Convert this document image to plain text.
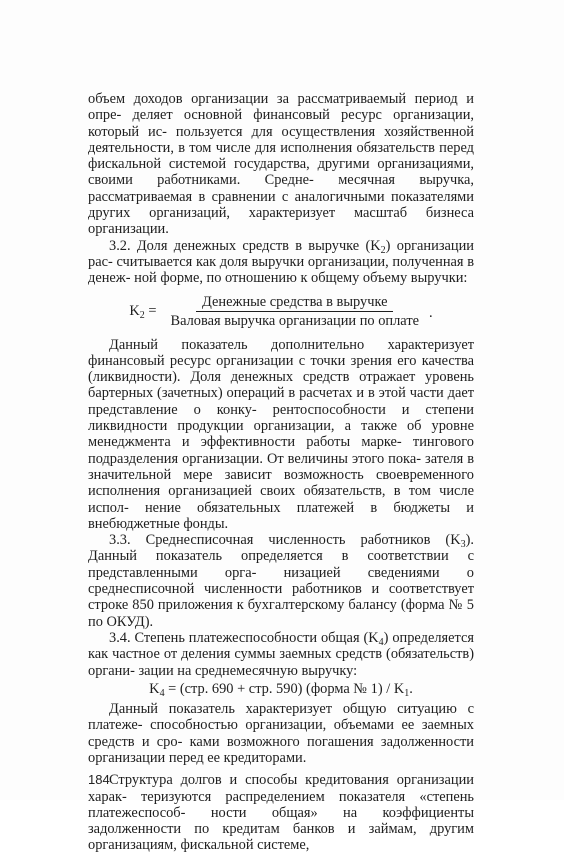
объем доходов организации за рассматриваемый период и опре- деляет основной финансовый ресурс организации, который ис- пользуется для осуществления хозяйственной деятельности, в том числе для исполнения обязательств перед фискальной системой государства, другими организациями, своими работниками. Средне- месячная выручка, рассматриваемая в сравнении с аналогичными показателями других организаций, характеризует масштаб бизнеса организации.

3.2. Доля денежных средств в выручке $(K_2)$ организации рас- считывается как доля выручки организации, полученная в денеж- ной форме, по отношению к общему объему выручки:

$K_2 = \frac{\text{Денежные средства в выручке}}{\text{Валовая выручка организации по оплате}}$ .

Данный показатель дополнительно характеризует финансовый ресурс организации с точки зрения его качества (ликвидности). Доля денежных средств отражает уровень бартерных (зачетных) операций в расчетах и в этой части дает представление о конку- рентоспособности и степени ликвидности продукции организации, а также об уровне менеджмента и эффективности работы марке- тингового подразделения организации. От величины этого пока- зателя в значительной мере зависит возможность своевременного исполнения организацией своих обязательств, в том числе испол- нение обязательных платежей в бюджеты и внебюджетные фонды.

3.3. Среднесписочная численность работников $(K_3)$. Данный показатель определяется в соответствии с представленными орга- низацией сведениями о среднесписочной численности работников и соответствует строке 850 приложения к бухгалтерскому балансу (форма № 5 по ОКУД).

3.4. Степень платежеспособности общая $(K_4)$ определяется как частное от деления суммы заемных средств (обязательств) органи- зации на среднемесячную выручку:

$K_4 = (стр$. 690 + стр. 590) (форма № $1) / K_1$.

Данный показатель характеризует общую ситуацию с платеже- способностью организации, объемами ее заемных средств и сро- ками возможного погашения задолженности организации перед ее кредиторами.

Структура долгов и способы кредитования организации харак- теризуются распределением показателя «степень платежеспособ- ности общая» на коэффициенты задолженности по кредитам банков и займам, другим организациям, фискальной системе,

184
